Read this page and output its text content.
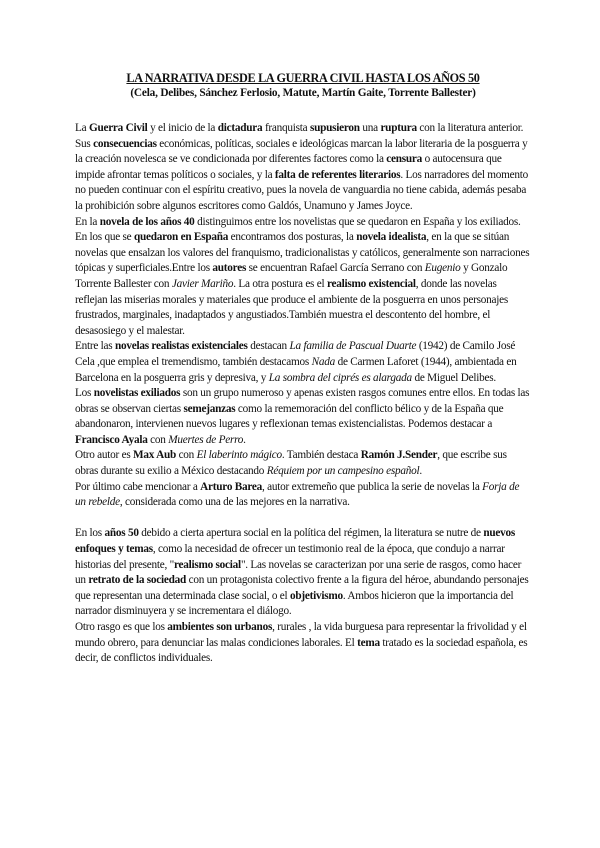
LA NARRATIVA DESDE LA GUERRA CIVIL HASTA LOS AÑOS 50
(Cela, Delibes, Sánchez Ferlosio, Matute, Martín Gaite, Torrente Ballester)

La Guerra Civil y el inicio de la dictadura franquista supusieron una ruptura con la literatura anterior. Sus consecuencias económicas, políticas, sociales e ideológicas marcan la labor literaria de la posguerra y la creación novelesca se ve condicionada por diferentes factores como la censura o autocensura que impide afrontar temas políticos o sociales, y la falta de referentes literarios. Los narradores del momento no pueden continuar con el espíritu creativo, pues la novela de vanguardia no tiene cabida, además pesaba la prohibición sobre algunos escritores como Galdós, Unamuno y James Joyce.

En la novela de los años 40 distinguimos entre los novelistas que se quedaron en España y los exiliados.

En los que se quedaron en España encontramos dos posturas, la novela idealista, en la que se sitúan novelas que ensalzan los valores del franquismo, tradicionalistas y católicos, generalmente son narraciones tópicas y superficiales.Entre los autores se encuentran Rafael García Serrano con Eugenio y Gonzalo Torrente Ballester con Javier Mariño. La otra postura es el realismo existencial, donde las novelas reflejan las miserias morales y materiales que produce el ambiente de la posguerra en unos personajes frustrados, marginales, inadaptados y angustiados.También muestra el descontento del hombre, el desasosiego y el malestar.

Entre las novelas realistas existenciales destacan La familia de Pascual Duarte (1942) de Camilo José Cela ,que emplea el tremendismo, también destacamos Nada de Carmen Laforet (1944), ambientada en Barcelona en la posguerra gris y depresiva, y La sombra del ciprés es alargada de Miguel Delibes.

Los novelistas exiliados son un grupo numeroso y apenas existen rasgos comunes entre ellos. En todas las obras se observan ciertas semejanzas como la rememoración del conflicto bélico y de la España que abandonaron, intervienen nuevos lugares y reflexionan temas existencialistas. Podemos destacar a Francisco Ayala con Muertes de Perro.

Otro autor es Max Aub con El laberinto mágico. También destaca Ramón J.Sender, que escribe sus obras durante su exilio a México destacando Réquiem por un campesino español.

Por último cabe mencionar a Arturo Barea, autor extremeño que publica la serie de novelas la Forja de un rebelde, considerada como una de las mejores en la narrativa.

En los años 50 debido a cierta apertura social en la política del régimen, la literatura se nutre de nuevos enfoques y temas, como la necesidad de ofrecer un testimonio real de la época, que condujo a narrar historias del presente, "realismo social". Las novelas se caracterizan por una serie de rasgos, como hacer un retrato de la sociedad con un protagonista colectivo frente a la figura del héroe, abundando personajes que representan una determinada clase social, o el objetivismo. Ambos hicieron que la importancia del narrador disminuyera y se incrementara el diálogo.

Otro rasgo es que los ambientes son urbanos, rurales , la vida burguesa para representar la frivolidad y el mundo obrero, para denunciar las malas condiciones laborales. El tema tratado es la sociedad española, es decir, de conflictos individuales.
